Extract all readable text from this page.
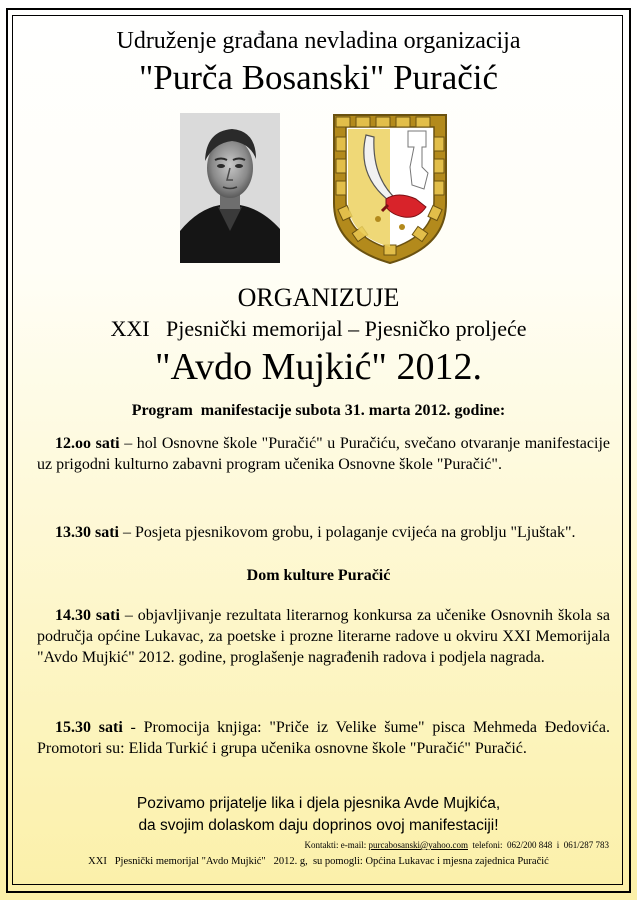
Udruženje građana nevladina organizacija
"Purča Bosanski" Puračić
ORGANIZUJE
XXI   Pjesnički memorijal – Pjesničko proljeće
"Avdo Mujkić" 2012.
Program  manifestacije subota 31. marta 2012. godine:
12.oo sati – hol Osnovne škole "Puračić" u Puračiću, svečano otvaranje manifestacije uz prigodni kulturno zabavni program učenika Osnovne škole "Puračić".
13.30 sati – Posjeta pjesnikovom grobu, i polaganje cvijeća na groblju "Ljuštak".
Dom kulture Puračić
14.30 sati – objavljivanje rezultata literarnog konkursa za učenike Osnovnih škola sa područja općine Lukavac, za poetske i prozne literarne radove u okviru XXI Memorijala "Avdo Mujkić" 2012. godine, proglašenje nagrađenih radova i podjela nagrada.
15.30 sati - Promocija knjiga: "Priče iz Velike šume" pisca Mehmeda Đedovića. Promotori su: Elida Turkić i grupa učenika osnovne škole "Puračić" Puračić.
Pozivamo prijatelje lika i djela pjesnika Avde Mujkića,
da svojim dolaskom daju doprinos ovoj manifestaciji!
Kontakti: e-mail: purcabosanski@yahoo.com  telefoni:  062/200 848  i  061/287 783
XXI   Pjesnički memorijal "Avdo Mujkić"   2012. g,  su pomogli: Općina Lukavac i mjesna zajednica Puračić
